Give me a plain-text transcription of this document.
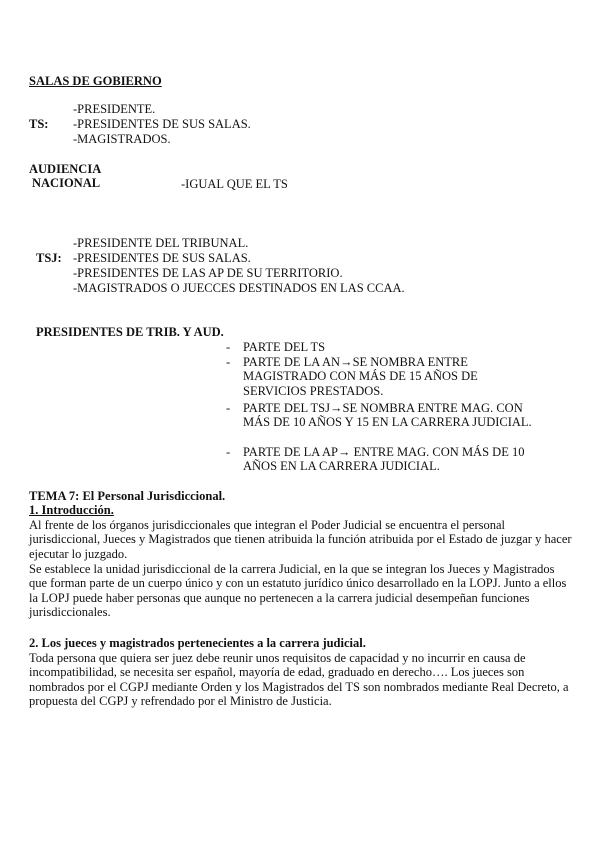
SALAS DE GOBIERNO
-PRESIDENTE.
TS: -PRESIDENTES DE SUS SALAS.
-MAGISTRADOS.
AUDIENCIA
NACIONAL	-IGUAL QUE EL TS
-PRESIDENTE DEL TRIBUNAL.
TSJ: -PRESIDENTES DE SUS SALAS.
-PRESIDENTES DE LAS AP DE SU TERRITORIO.
-MAGISTRADOS O JUECCES DESTINADOS EN LAS CCAA.
PRESIDENTES DE TRIB. Y AUD.
- PARTE DEL TS
- PARTE DE LA AN→SE NOMBRA ENTRE MAGISTRADO CON MÁS DE 15 AÑOS DE SERVICIOS PRESTADOS.
- PARTE DEL TSJ→SE NOMBRA ENTRE MAG. CON MÁS DE 10 AÑOS Y 15 EN LA CARRERA JUDICIAL.
- PARTE DE LA AP→ ENTRE MAG. CON MÁS DE 10 AÑOS EN LA CARRERA JUDICIAL.
TEMA 7: El Personal Jurisdiccional.
1. Introducción.
Al frente de los órganos jurisdiccionales que integran el Poder Judicial se encuentra el personal jurisdiccional, Jueces y Magistrados que tienen atribuida la función atribuida por el Estado de juzgar y hacer ejecutar lo juzgado.
Se establece la unidad jurisdiccional de la carrera Judicial, en la que se integran los Jueces y Magistrados que forman parte de un cuerpo único y con un estatuto jurídico único desarrollado en la LOPJ. Junto a ellos la LOPJ puede haber personas que aunque no pertenecen a la carrera judicial desempeñan funciones jurisdiccionales.
2. Los jueces y magistrados pertenecientes a la carrera judicial.
Toda persona que quiera ser juez debe reunir unos requisitos de capacidad y no incurrir en causa de incompatibilidad, se necesita ser español, mayoría de edad, graduado en derecho…. Los jueces son nombrados por el CGPJ mediante Orden y los Magistrados del TS son nombrados mediante Real Decreto, a propuesta del CGPJ y refrendado por el Ministro de Justicia.
